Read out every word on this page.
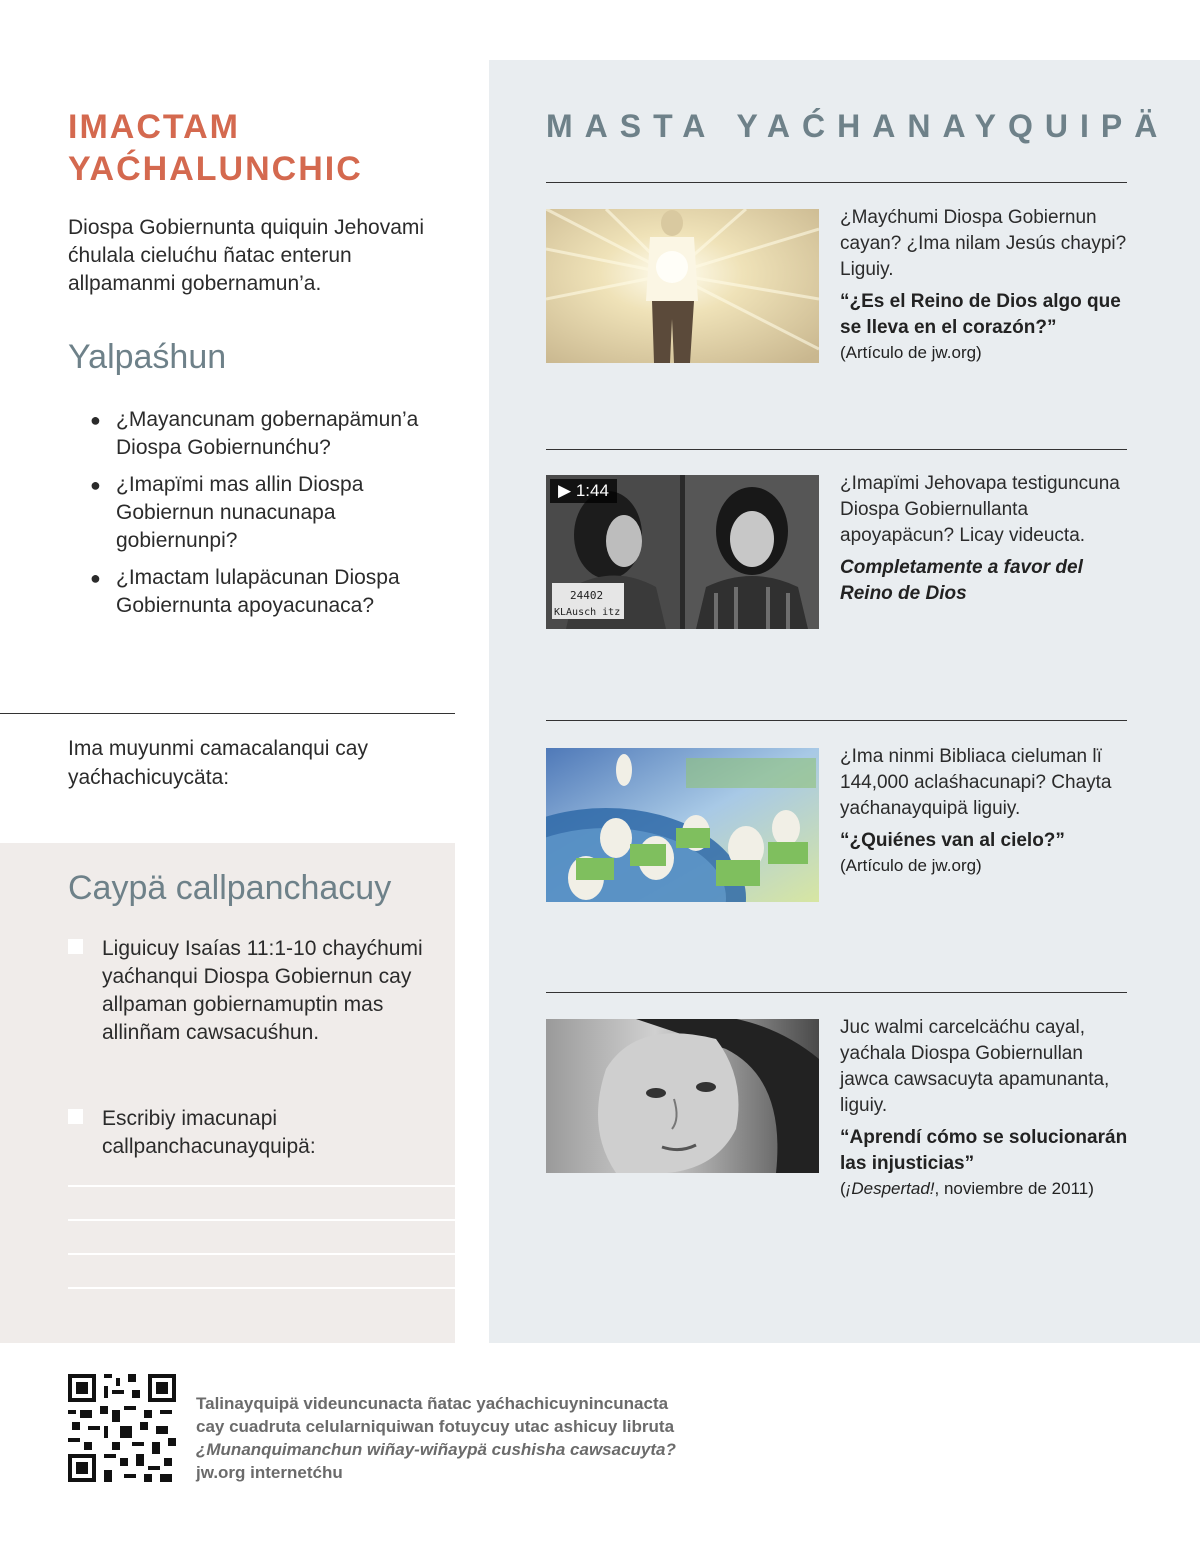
IMACTAM
YAĆHALUNCHIC

Diospa Gobiernunta quiquin Jehovami ćhulala cielućhu ñatac enterun allpamanmi gobernamun’a.

Yalpaśhun
● ¿Mayancunam gobernapämun’a Diospa Gobiernunćhu?
● ¿Imapïmi mas allin Diospa Gobiernun nunacunapa gobiernunpi?
● ¿Imactam lulapäcunan Diospa Gobiernunta apoyacunaca?

Ima muyunmi camacalanqui cay yaćhachicuycäta:

Caypä callpanchacuy
Liguicuy Isaías 11:1-10 chayćhumi yaćhanqui Diospa Gobiernun cay allpaman gobiernamuptin mas allinñam cawsacuśhun.
Escribiy imacunapi callpanchacunayquipä:
MASTA YAĆHANAYQUIPÄ
¿Mayćhumi Diospa Gobiernun cayan? ¿Ima nilam Jesús chaypi? Liguiy.
“¿Es el Reino de Dios algo que se lleva en el corazón?”
(Artículo de jw.org)
24402
KLAusch itz
▶ 1:44	¿Imapïmi Jehovapa testiguncuna Diospa Gobiernullanta apoyapäcun? Licay videucta.
Completamente a favor del Reino de Dios
¿Ima ninmi Bibliaca cieluman lï 144,000 aclaśhacunapi? Chayta yaćhanayquipä liguiy.
“¿Quiénes van al cielo?”
(Artículo de jw.org)
Juc walmi carcelcäćhu cayal, yaćhala Diospa Gobiernullan jawca cawsacuyta apamunanta, liguiy.
“Aprendí cómo se solucionarán las injusticias”
(¡Despertad!, noviembre de 2011)
Talinayquipä videuncunacta ñatac yaćhachicuynincunacta
cay cuadruta celularniquiwan fotuycuy utac ashicuy libruta
¿Munanquimanchun wiñay-wiñaypä cushisha cawsacuyta?
jw.org internetćhu
